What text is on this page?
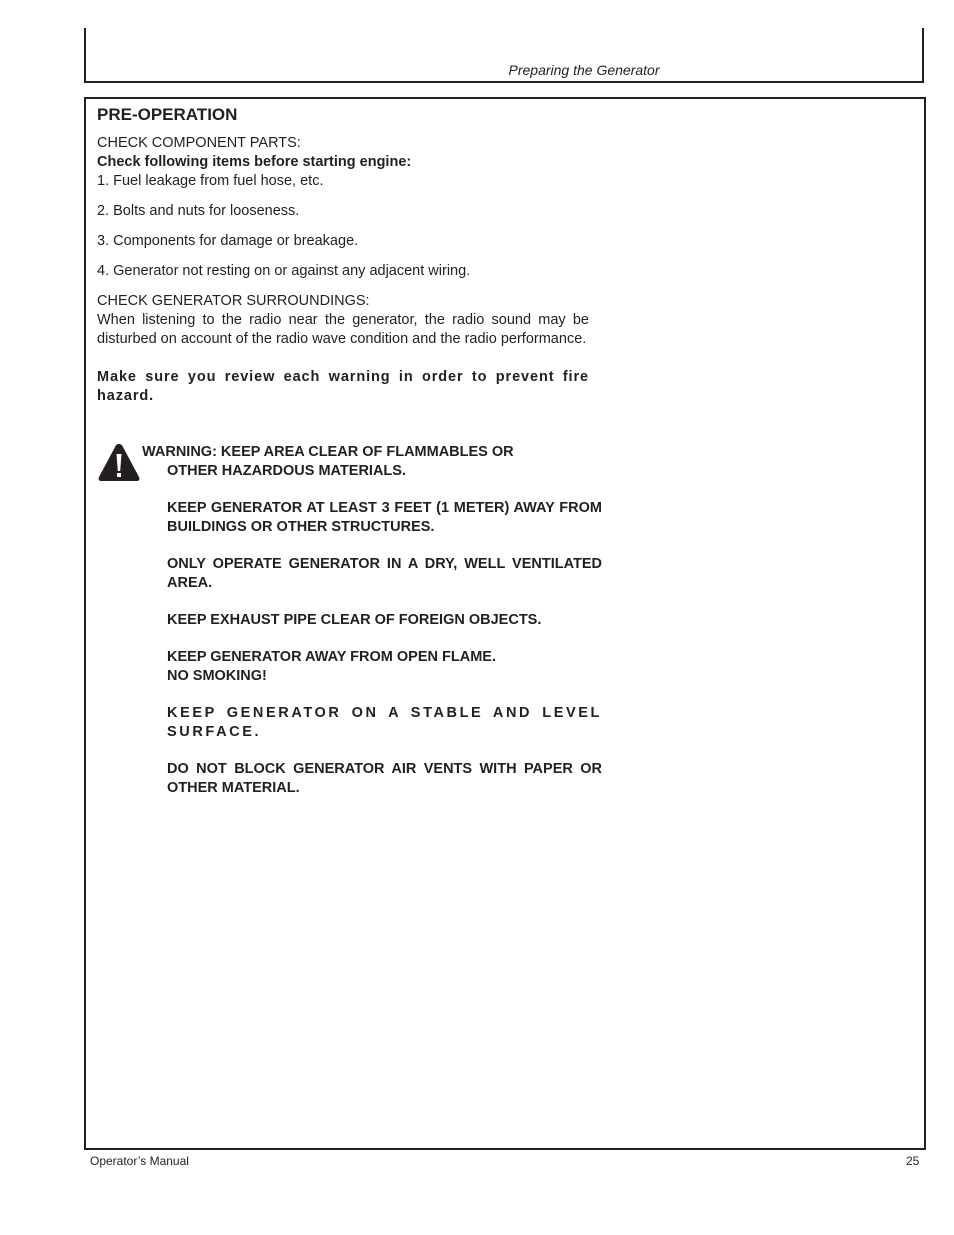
Preparing the Generator

PRE-OPERATION

CHECK COMPONENT PARTS:

Check following items before starting engine:

1. Fuel leakage from fuel hose, etc.

2. Bolts and nuts for looseness.

3. Components for damage or breakage.

4. Generator not resting on or against any adjacent wiring.

CHECK GENERATOR SURROUNDINGS:

When listening to the radio near the generator, the radio sound may be disturbed on account of the radio wave condition and the radio performance.

Make sure you review each warning in order to prevent fire hazard.

WARNING: KEEP AREA CLEAR OF FLAMMABLES OR

OTHER HAZARDOUS MATERIALS.

KEEP GENERATOR AT LEAST 3 FEET (1 METER) AWAY FROM BUILDINGS OR OTHER STRUCTURES.

ONLY OPERATE GENERATOR IN A DRY, WELL VENTILATED AREA.

KEEP EXHAUST PIPE CLEAR OF FOREIGN OBJECTS.

KEEP GENERATOR AWAY FROM OPEN FLAME.
NO SMOKING!

KEEP GENERATOR ON A STABLE AND LEVEL SURFACE.

DO NOT BLOCK GENERATOR AIR VENTS WITH PAPER OR OTHER MATERIAL.

Operator’s Manual	25
